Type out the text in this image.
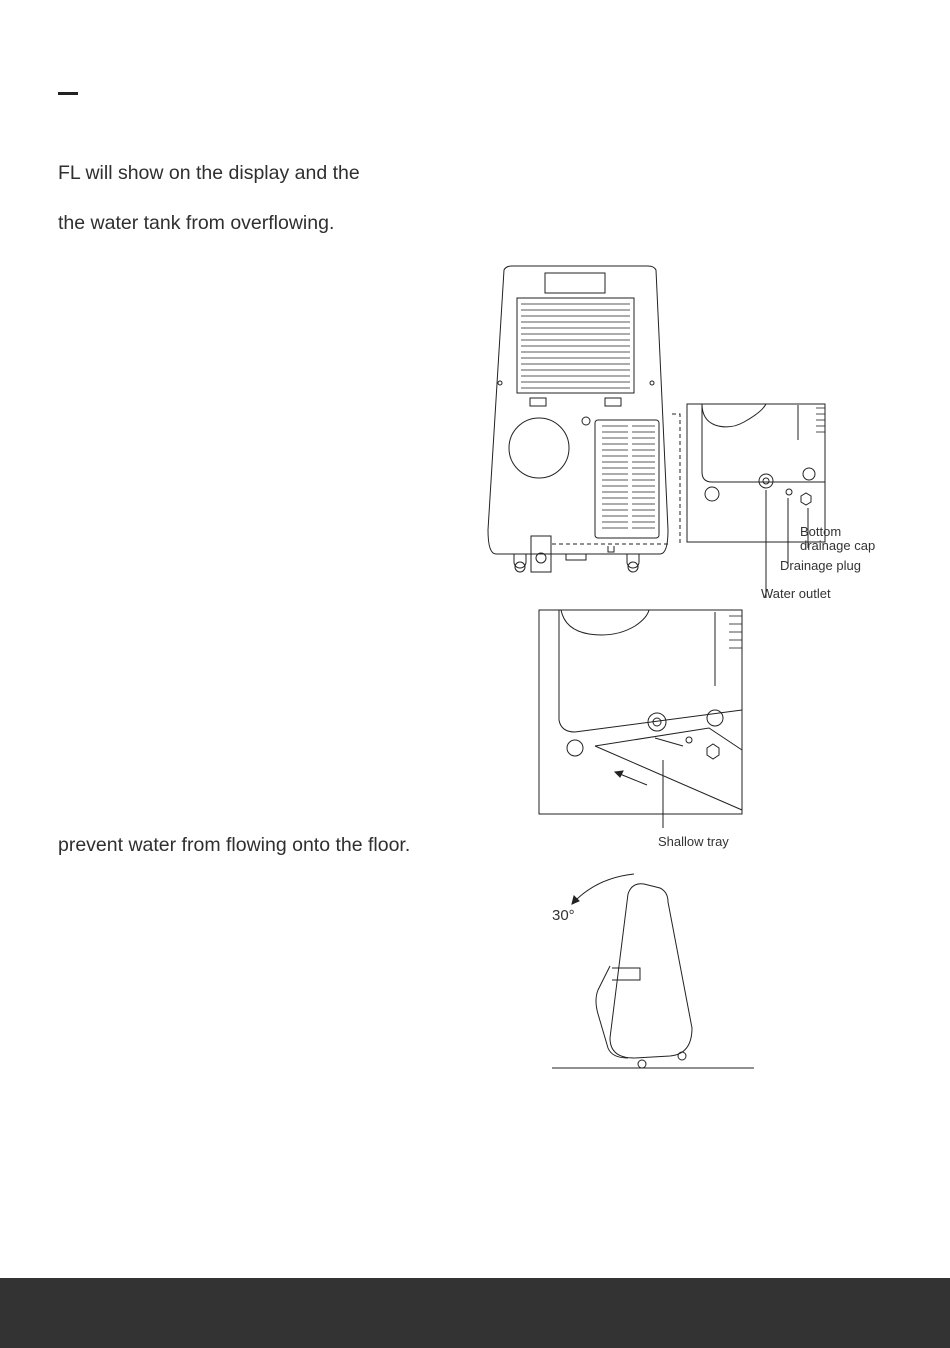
FL will show on the display and the
the water tank from overflowing.
prevent water from flowing onto the floor.
Bottom
drainage cap
Drainage plug
Water outlet
Shallow tray
30°
